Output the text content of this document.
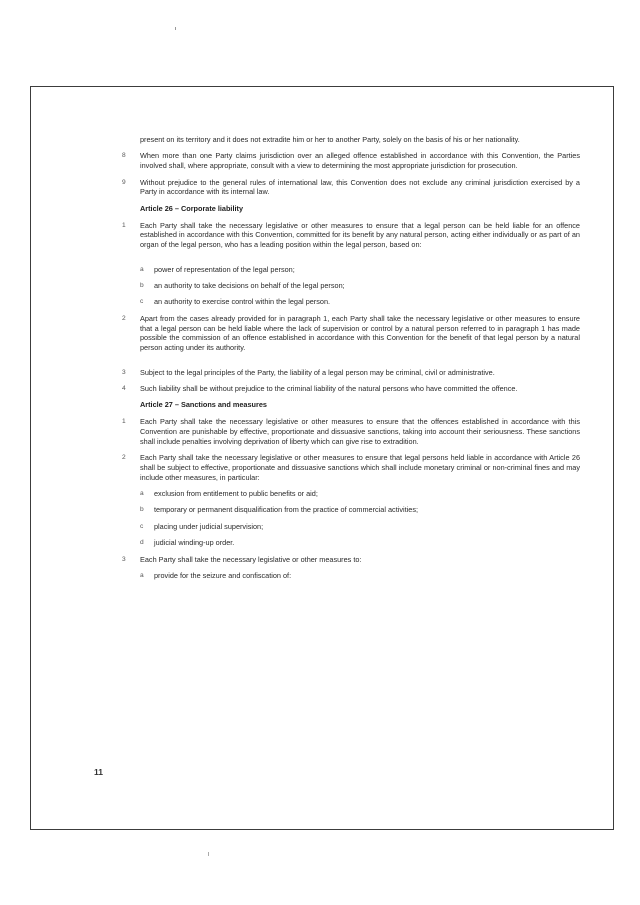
present on its territory and it does not extradite him or her to another Party, solely on the basis of his or her nationality.
8	When more than one Party claims jurisdiction over an alleged offence established in accordance with this Convention, the Parties involved shall, where appropriate, consult with a view to determining the most appropriate jurisdiction for prosecution.
9	Without prejudice to the general rules of international law, this Convention does not exclude any criminal jurisdiction exercised by a Party in accordance with its internal law.
Article 26 – Corporate liability
1	Each Party shall take the necessary legislative or other measures to ensure that a legal person can be held liable for an offence established in accordance with this Convention, committed for its benefit by any natural person, acting either individually or as part of an organ of the legal person, who has a leading position within the legal person, based on:
a power of representation of the legal person;
b an authority to take decisions on behalf of the legal person;
c an authority to exercise control within the legal person.
2	Apart from the cases already provided for in paragraph 1, each Party shall take the necessary legislative or other measures to ensure that a legal person can be held liable where the lack of supervision or control by a natural person referred to in paragraph 1 has made possible the commission of an offence established in accordance with this Convention for the benefit of that legal person by a natural person acting under its authority.
3	Subject to the legal principles of the Party, the liability of a legal person may be criminal, civil or administrative.
4	Such liability shall be without prejudice to the criminal liability of the natural persons who have committed the offence.
Article 27 – Sanctions and measures
1	Each Party shall take the necessary legislative or other measures to ensure that the offences established in accordance with this Convention are punishable by effective, proportionate and dissuasive sanctions, taking into account their seriousness. These sanctions shall include penalties involving deprivation of liberty which can give rise to extradition.
2	Each Party shall take the necessary legislative or other measures to ensure that legal persons held liable in accordance with Article 26 shall be subject to effective, proportionate and dissuasive sanctions which shall include monetary criminal or non-criminal fines and may include other measures, in particular:
a exclusion from entitlement to public benefits or aid;
b temporary or permanent disqualification from the practice of commercial activities;
c placing under judicial supervision;
d judicial winding-up order.
3	Each Party shall take the necessary legislative or other measures to:
a provide for the seizure and confiscation of:
11
